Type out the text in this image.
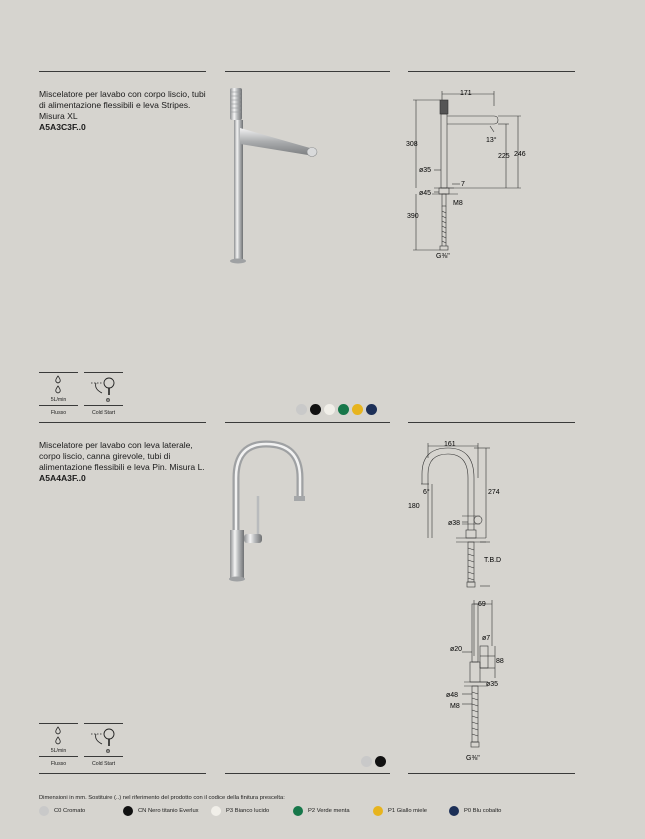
Miscelatore per lavabo con corpo liscio, tubi di alimentazione flessibili e leva Stripes. Misura XL
A5A3C3F..0
171
13°
308
225 246
ø35
ø45
7
M8
390
G⅜"
5L/min
Flusso	Cold Start
Miscelatore per lavabo con leva laterale, corpo liscio, canna girevole, tubi di alimentazione flessibili e leva Pin. Misura L.
A5A4A3F..0
161
6°
180
274
ø38
T.B.D
69
ø7
ø20
88
ø35
ø48
M8
G⅜"
5L/min
Flusso	Cold Start
Dimensioni in mm. Sostituire (..) nel riferimento del prodotto con il codice della finitura prescelta:
C0
Cromato	CN
Nero titanio Everlux	P3
Bianco lucido	P2
Verde menta	P1
Giallo miele	P0
Blu cobalto
